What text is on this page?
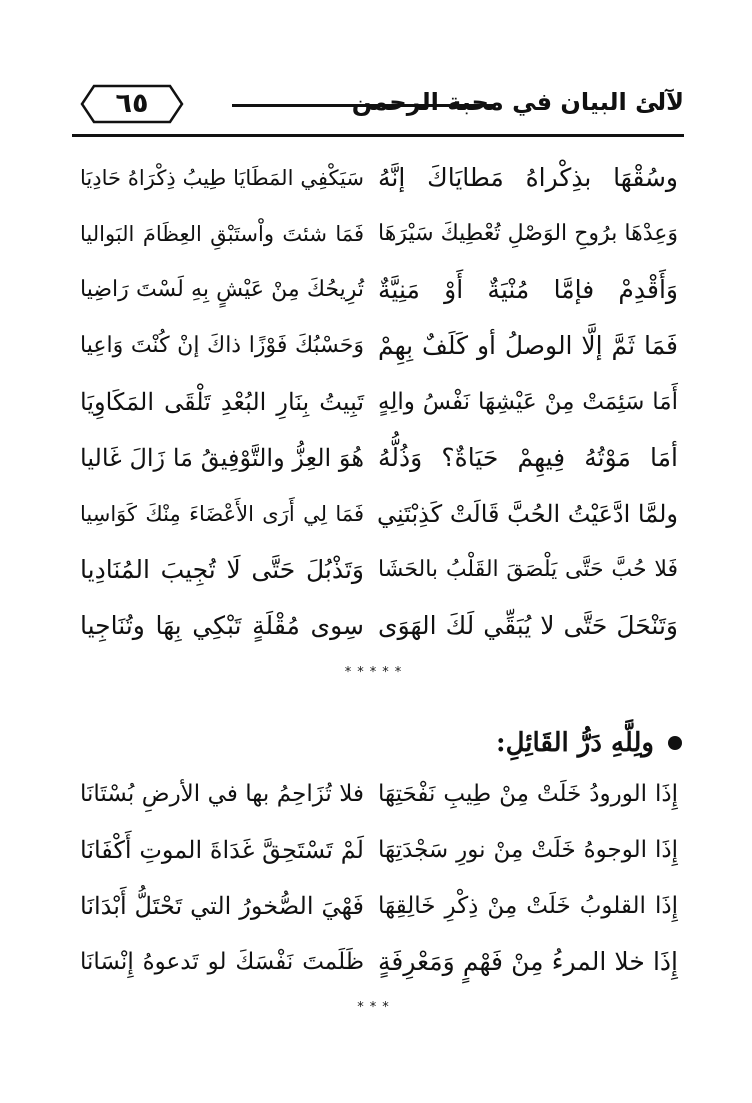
٦٥	لآلئ البيان في محبة الرحمن
وسُقْهَا بذِكْراهُ مَطايَاكَ إنَّهُ
سَيَكْفِي المَطَايَا طِيبُ ذِكْرَاهُ حَادِيَا
وَعِدْهَا برُوحِ الوَصْلِ تُعْطِيكَ سَيْرَهَا
فَمَا شئتَ واْستَبْقِ العِظَامَ البَواليا
وَأَقْدِمْ فإمَّا مُنْيَةٌ أَوْ مَنِيَّةٌ
تُرِيحُكَ مِنْ عَيْشٍ بِهِ لَسْتَ رَاضِيا
فَمَا ثَمَّ إلَّا الوصلُ أو كَلَفٌ بِهِمْ
وَحَسْبُكَ فَوْزًا ذاكَ إنْ كُنْتَ وَاعِيا
أَمَا سَئِمَتْ مِنْ عَيْشِهَا نَفْسُ والِهٍ
تَبِيتُ بِنَارِ البُعْدِ تَلْقَى المَكَاوِيَا
أمَا مَوْتُهُ فِيهِمْ حَيَاةٌ؟ وَذُلُّهُ
هُوَ العِزُّ والتَّوْفِيقُ مَا زَالَ غَاليا
ولمَّا ادَّعَيْتُ الحُبَّ قَالَتْ كَذِبْتَنِي
فَمَا لِي أَرَى الأَعْضَاءَ مِنْكَ كَوَاسِيا
فَلا حُبَّ حَتَّى يَلْصَقَ القَلْبُ بالحَشَا
وَتَذْبُلَ حَتَّى لَا تُجِيبَ المُنَادِيا
وَتَنْحَلَ حَتَّى لا يُبَقِّي لَكَ الهَوَى
سِوى مُقْلَةٍ تَبْكِي بِهَا وتُنَاجِيا
*****
ولِلَّهِ دَرُّ القَائِلِ:
إِذَا الورودُ خَلَتْ مِنْ طِيبِ نَفْحَتِهَا
فلا تُزَاحِمُ بها في الأرضِ بُسْتَانَا
إِذَا الوجوهُ خَلَتْ مِنْ نورِ سَجْدَتِهَا
لَمْ تَسْتَحِقَّ غَدَاةَ الموتِ أَكْفَانَا
إِذَا القلوبُ خَلَتْ مِنْ ذِكْرِ خَالِقِهَا
فَهْيَ الصُّخورُ التي تَحْتَلُّ أَبْدَانَا
إِذَا خلا المرءُ مِنْ فَهْمٍ وَمَعْرِفَةٍ
ظَلَمتَ نَفْسَكَ لو تَدعوهُ إِنْسَانَا
***
